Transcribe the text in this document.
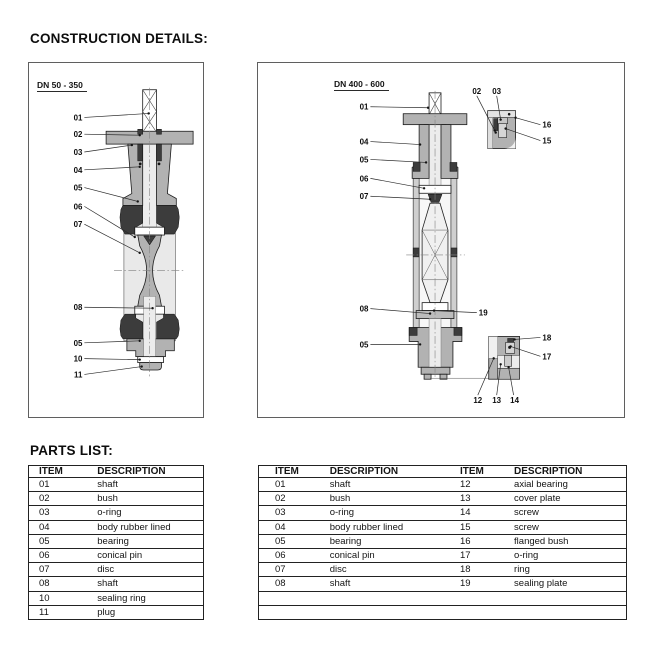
CONSTRUCTION DETAILS:
01
02
03
04
05
06
07
08
05
10
11
DN 50 - 350
01
04
05
06
07
08
05
19
02 03
16
15
18
17
12 13 14
DN 400 - 600
PARTS LIST:
ITEM	DESCRIPTION
01	shaft
02	bush
03	o-ring
04	body rubber lined
05	bearing
06	conical pin
07	disc
08	shaft
10	sealing ring
11	plug
ITEM	DESCRIPTION	ITEM	DESCRIPTION
01	shaft	12	axial bearing
02	bush	13	cover plate
03	o-ring	14	screw
04	body rubber lined	15	screw
05	bearing	16	flanged bush
06	conical pin	17	o-ring
07	disc	18	ring
08	shaft	19	sealing plate
